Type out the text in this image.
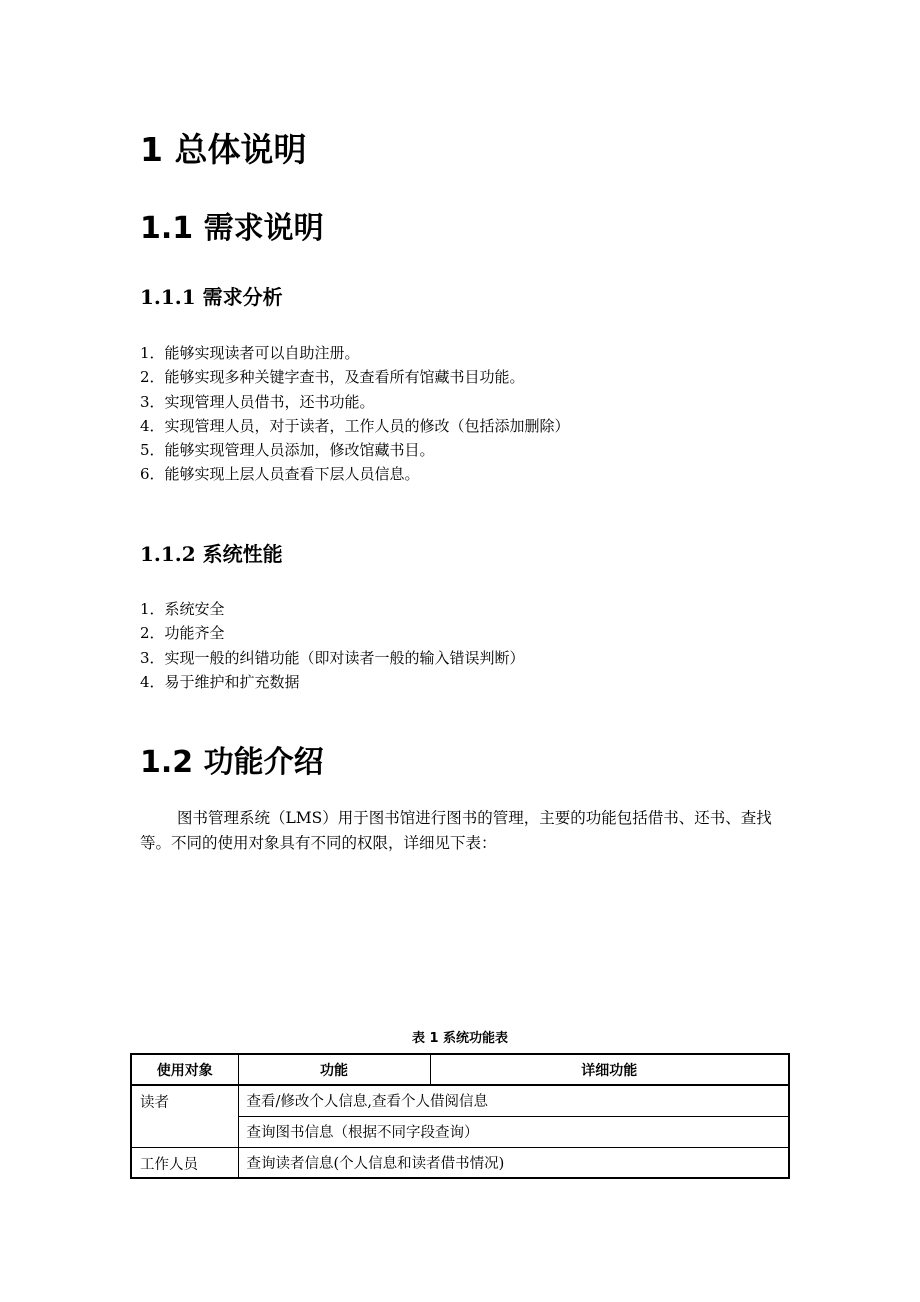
1 总体说明
1.1 需求说明
1.1.1 需求分析
1．能够实现读者可以自助注册。
2．能够实现多种关键字查书，及查看所有馆藏书目功能。
3．实现管理人员借书，还书功能。
4．实现管理人员，对于读者，工作人员的修改（包括添加删除）
5．能够实现管理人员添加，修改馆藏书目。
6．能够实现上层人员查看下层人员信息。
1.1.2 系统性能
1．系统安全
2．功能齐全
3．实现一般的纠错功能（即对读者一般的输入错误判断）
4．易于维护和扩充数据
1.2 功能介绍

图书管理系统（LMS）用于图书馆进行图书的管理，主要的功能包括借书、还书、查找等。不同的使用对象具有不同的权限，详细见下表：

表 1 系统功能表
使用对象	功能	详细功能
读者	查看/修改个人信息,查看个人借阅信息	
	查询图书信息（根据不同字段查询）	
工作人员	查询读者信息(个人信息和读者借书情况)	
